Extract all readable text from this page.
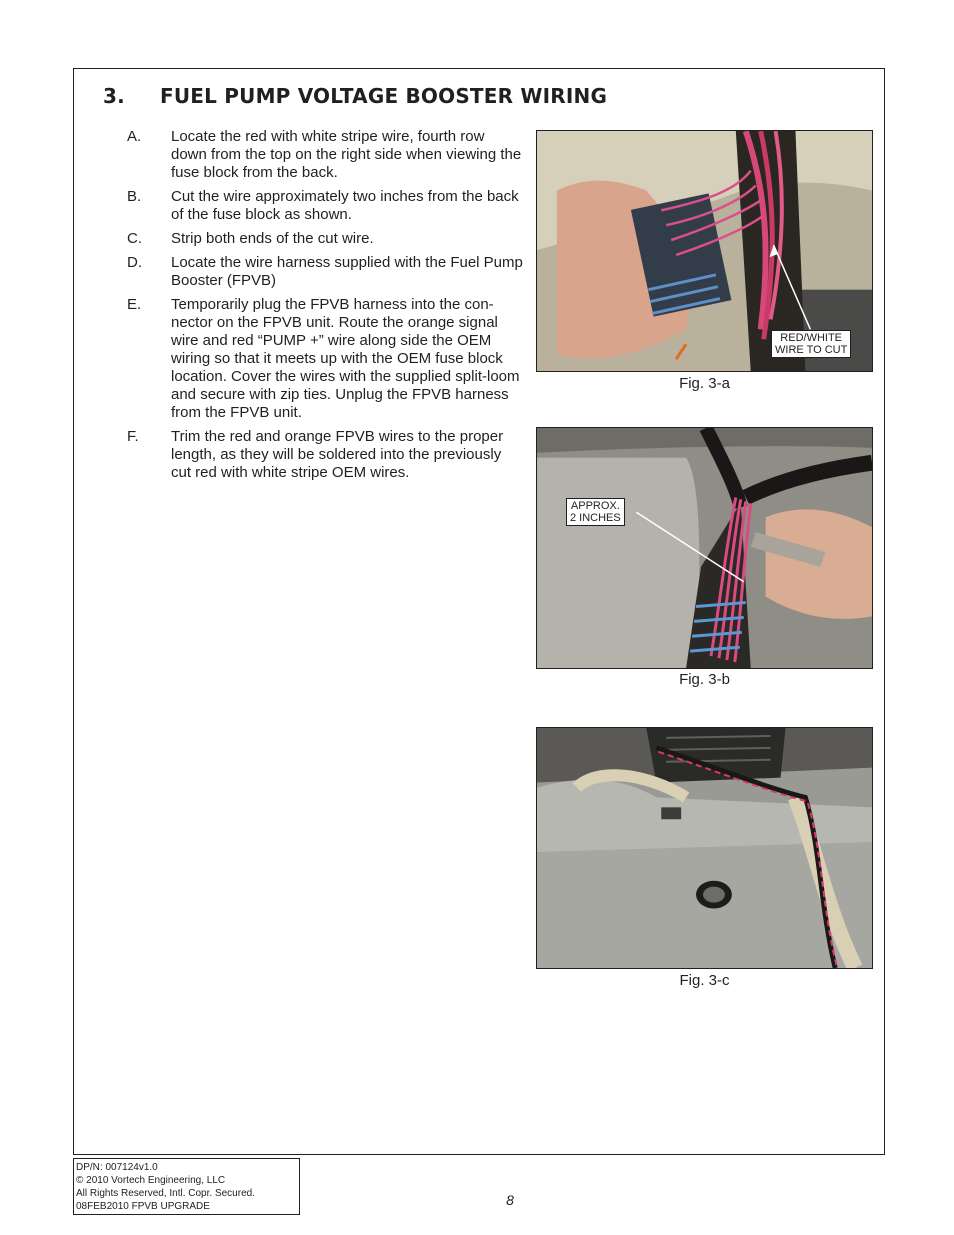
3. FUEL PUMP VOLTAGE BOOSTER WIRING
A.	Locate the red with white stripe wire, fourth row down from the top on the right side when viewing the fuse block from the back.
B.	Cut the wire approximately two inches from the back of the fuse block as shown.
C.	Strip both ends of the cut wire.
D.	Locate the wire harness supplied with the Fuel Pump Booster (FPVB)
E.	Temporarily plug the FPVB harness into the con-nector on the FPVB unit. Route the orange signal wire and red “PUMP +” wire along side the OEM wiring so that it meets up with the OEM fuse block location. Cover the wires with the supplied split-loom and secure with zip ties. Unplug the FPVB harness from the FPVB unit.
F.	Trim the red and orange FPVB wires to the proper length, as they will be soldered into the previously cut red with white stripe OEM wires.
RED/WHITE
WIRE TO CUT
Fig. 3-a
APPROX.
2 INCHES
Fig. 3-b
Fig. 3-c
DP/N: 007124v1.0
© 2010 Vortech Engineering, LLC
All Rights Reserved, Intl. Copr. Secured.
08FEB2010 FPVB UPGRADE	8
